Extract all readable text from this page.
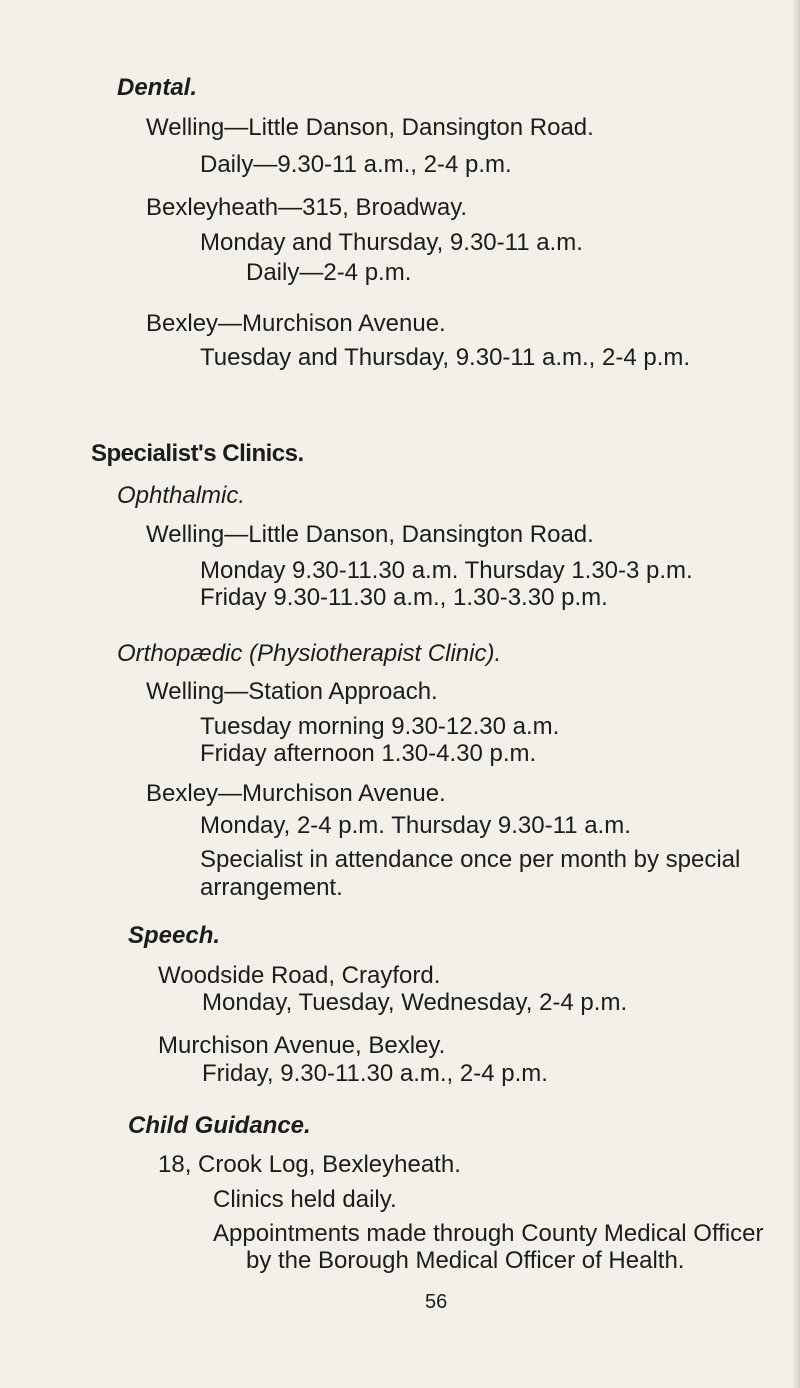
Dental.
Welling—Little Danson, Dansington Road.
Daily—9.30-11 a.m., 2-4 p.m.
Bexleyheath—315, Broadway.
Monday and Thursday, 9.30-11 a.m.
Daily—2-4 p.m.
Bexley—Murchison Avenue.
Tuesday and Thursday, 9.30-11 a.m., 2-4 p.m.
Specialist's Clinics.
Ophthalmic.
Welling—Little Danson, Dansington Road.
Monday 9.30-11.30 a.m. Thursday 1.30-3 p.m.
Friday 9.30-11.30 a.m., 1.30-3.30 p.m.
Orthopædic (Physiotherapist Clinic).
Welling—Station Approach.
Tuesday morning 9.30-12.30 a.m.
Friday afternoon 1.30-4.30 p.m.
Bexley—Murchison Avenue.
Monday, 2-4 p.m. Thursday 9.30-11 a.m.
Specialist in attendance once per month by special
arrangement.
Speech.
Woodside Road, Crayford.
Monday, Tuesday, Wednesday, 2-4 p.m.
Murchison Avenue, Bexley.
Friday, 9.30-11.30 a.m., 2-4 p.m.
Child Guidance.
18, Crook Log, Bexleyheath.
Clinics held daily.
Appointments made through County Medical Officer
by the Borough Medical Officer of Health.
56
